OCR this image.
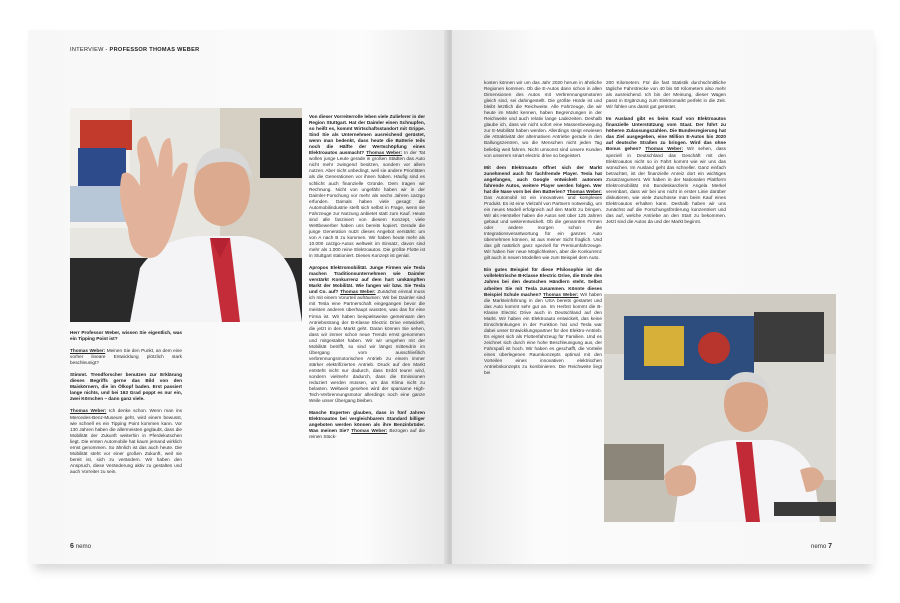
INTERVIEW - PROFESSOR THOMAS WEBER

Herr Professor Weber, wissen Sie eigentlich, was ein Tipping Point ist?

Thomas Weber: Meinen Sie den Punkt, an dem eine vorher lineare Entwicklung plötzlich stark beschleunigt?

Stimmt. Trendforscher benutzen zur Erklärung dieses Begriffs gerne das Bild von den Maiskörnern, die im Ölkopf baden. Erst passiert lange nichts, und bei 163 Grad poppt es nur ein, zwei Körnchen – dann ganz viele.

Thomas Weber: Ich denke schon. Wenn man ins Mercedes-Benz-Museum geht, wird einem bewusst, wie schnell es ein Tipping Point kommen kann. Vor 130 Jahren haben die allermeisten geglaubt, dass die Mobilität der Zukunft weiterhin in Pferdekutschen liegt. Die ersten Automobile hat kaum jemand wirklich ernst genommen. So ähnlich ist das auch heute. Die Mobilität steht vor einer großen Zukunft, weil sie bereit ist, sich zu verändern. Wir haben den Anspruch, diese Veränderung aktiv zu gestalten und auch Vorreiter zu sein.

Von dieser Vorreiterrolle leben viele Zulieferer in der Region Stuttgart. Hat der Daimler einen Schnupfen, so heißt es, kommt Wirtschaftsstandort mit Grippe. Sind Sie als Unternehmen ausreichend gerüstet, wenn man bedenkt, dass heute die Batterie teils noch die Hälfte der Wertschöpfung eines Elektroautos ausmacht? Thomas Weber: In der Tat wollen junge Leute gerade in großen Städten das Auto nicht mehr zwingend besitzen, sondern vor allem nutzen. Aber nicht unbedingt, weil sie andere Prioritäten als die Generationen vor ihnen haben. Häufig sind es schlicht auch finanzielle Gründe. Dem tragen wir Rechnung. Nicht von ungefähr haben wir in der Daimler-Forschung vor mehr als sechs Jahren car2go erfunden. Damals haben viele gesagt: die Automobilindustrie stellt sich selbst in Frage, wenn sie Fahrzeuge zur Nutzung anbietet statt zum Kauf. Heute sind alle fasziniert von diesem Konzept, viele Wettbewerber haben uns bereits kopiert. Gerade die junge Generation nutzt dieses Angebot verstärkt: um von A nach B zu kommen. Wir haben heute mehr als 10.000 car2go-Autos weltweit im Einsatz, davon sind mehr als 1.000 reine Elektroautos. Die größte Flotte ist in Stuttgart stationiert. Dieses Konzept ist genial.

Apropos Elektromobilität. Junge Firmen wie Tesla machen Traditionsunternehmen wie Daimler verstärkt Konkurrenz auf dem hart umkämpften Markt der Mobilität. Wie fangen wir bzw. Sie Tesla und Co. auf? Thomas Weber: Zunächst einmal muss ich mit einem Vorurteil aufräumen: Wir bei Daimler sind mit Tesla eine Partnerschaft eingegangen bevor die meisten anderen überhaupt wussten, was das für eine Firma ist. Wir haben beispielsweise gemeinsam den Antriebsstrang der B-Klasse Electric Drive entwickelt, die jetzt in den Markt geht. Daran können Sie sehen, dass wir immer schon neue Trends ernst genommen und mitgestaltet haben. Wir wir umgehen mit der Mobilität betrifft, so sind wir längst mittendrin im Übergang vom ausschließlich verbrennungsmotorischen Antrieb zu einem immer stärker elektrifizierten Antrieb. Druck auf den Markt entsteht nicht nur dadurch, dass Erdöl teurer wird, sondern vielmehr dadurch, dass die Emissionen reduziert werden müssen, um das Klima nicht zu belasten. Weltweit gesehen wird der sparsame High-Tech-Verbrennungsmotor allerdings noch eine ganze Weile unser Übergang bleiben.

Manche Experten glauben, dass in fünf Jahren Elektroautos bei vergleichbarem Standard billiger angeboten werden können als ihre Benzinbrüder. Was meinen Sie? Thomas Weber: Bezogen auf die reinen Stück-

6 nemo

kosten können wir um das Jahr 2020 herum in ähnliche Regionen kommen. Ob die E-Autos dann schon in allen Dimensionen des Autos mit Verbrennungsmotoren gleich sind, sei dahingestellt. Die größte Hürde ist und bleibt letztlich die Reichweite. Alle Fahrzeuge, die wir heute im Markt kennen, haben Begrenzungen in der Reichweite und auch relativ lange Ladezeiten. Deshalb glaube ich, dass wir nicht sofort eine Massenbewegung zur E-Mobilität haben werden. Allerdings steigt erwiesen die Attraktivität der alternativen Antriebe gerade in den Ballungszentren, wo die Menschen nicht jeden Tag beliebig weit fahren. Nicht umsonst sind unsere Kunden von unserem smart electric drive so begeistert.

Mit dem Elektroauto öffnet sich der Markt zunehmend auch für fachfremde Player. Tesla hat angefangen, auch Google entwickelt autonom fahrende Autos, weitere Player werden folgen. Wer hat die Nase vorn bei den Batterien? Thomas Weber: Das Automobil ist ein innovatives und komplexes Produkt. Es ist eine Vielzahl von Partnern notwendig, um ein neues Modell erfolgreich auf den Markt zu bringen. Wir als Hersteller haben die Autos seit über 125 Jahren gebaut und weiterentwickelt. Ob die genannten Firmen oder andere morgen schon die Integrationsverantwortung für ein ganzes Auto übernehmen können, ist aus meiner Sicht fraglich. Und das gilt natürlich ganz speziell für Premiumfahrzeuge. Wir haben hier neue Möglichkeiten, aber die Konkurrenz gilt auch in neuen Modellen wie zum Beispiel dem Auto.

Ein gutes Beispiel für diese Philosophie ist die vollelektrische B-Klasse Electric Drive, die Ende des Jahres bei den deutschen Händlern steht. Selbst arbeiten Sie mit Tesla zusammen. Könnte dieses Beispiel Schule machen? Thomas Weber: Wir haben die Markteinführung in den USA bereits gestartet und das Auto kommt sehr gut an. Im Herbst kommt die B-Klasse Electric Drive auch in Deutschland auf den Markt. Wir haben ein Elektroauto entwickelt, das keine Einschränkungen in der Funktion hat und Tesla war dabei unser Entwicklungspartner für den Elektro-Antrieb. Es eignet sich als Flottenfahrzeug für Familien. Und es zeichnet sich durch eine hohe Beschleunigung aus, der Fahrspaß ist hoch. Wir haben es geschafft, die Vorteile eines überlegenen Raumkonzepts optimal mit den Vorteilen eines innovativen elektrischen Antriebskonzepts zu kombinieren. Die Reichweite liegt bei

200 Kilometern. Für die fast Statistik durchschnittliche tägliche Fahrstrecke von 40 bis 50 Kilometern also mehr als ausreichend. Ich bin der Meinung, dieser Wagen passt in Ergänzung zum Elektromarkt perfekt in die Zeit. Wir fühlen uns damit gut gerüstet.

Im Ausland gibt es beim Kauf von Elektroautos finanzielle Unterstützung vom Staat. Der führt zu höheren Zulassungszahlen. Die Bundesregierung hat das Ziel ausgegeben, eine Million E-Autos bis 2020 auf deutsche Straßen zu bringen. Wird das ohne Bonus gehen? Thomas Weber: Wir sehen, dass speziell in Deutschland das Geschäft mit den Elektroautos nicht so in Fahrt kommt wie wir uns das wünschen. Im Ausland geht das schneller. Ganz einfach betrachtet, ist der finanzielle Anreiz dort ein wichtiges Zusatzargument. Wir haben in der Nationalen Plattform Elektromobilität mit Bundeskanzlerin Angela Merkel vereinbart, dass wir bei uns nicht in erster Linie darüber diskutieren, wie viele Zuschüsse man beim Kauf eines Elektroautos erhalten kann. Deshalb haben wir uns zunächst auf die Forschungsförderung konzentriert und das auf, welche Antriebe an den Start zu bekommen. Jetzt sind die Autos da und der Markt beginnt.

nemo 7
